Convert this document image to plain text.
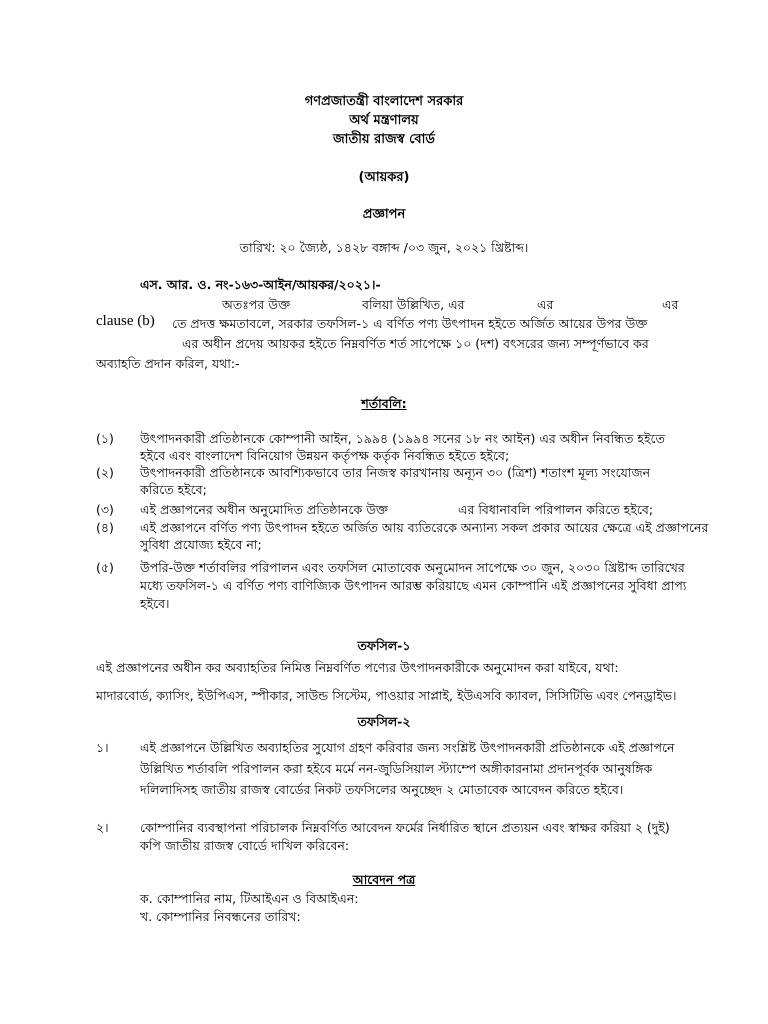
গণপ্রজাতন্ত্রী বাংলাদেশ সরকার
অর্থ মন্ত্রণালয়
জাতীয় রাজস্ব বোর্ড
(আয়কর)
প্রজ্ঞাপন
তারিখ: ২০ জ্যৈষ্ঠ, ১৪২৮ বঙ্গাব্দ /০৩ জুন, ২০২১ খ্রিষ্টাব্দ।
এস. আর. ও. নং-১৬৩-আইন/আয়কর/২০২১।-
অতঃপর উক্ত	বলিয়া উল্লিখিত, এর	এর	এর
clause (b) তে প্রদত্ত ক্ষমতাবলে, সরকার তফসিল-১ এ বর্ণিত পণ্য উৎপাদন হইতে অর্জিত আয়ের উপর উক্ত
এর অধীন প্রদেয় আয়কর হইতে নিম্নবর্ণিত শর্ত সাপেক্ষে ১০ (দশ) বৎসরের জন্য সম্পূর্ণভাবে কর
অব্যাহতি প্রদান করিল, যথা:-
শর্তাবলি:
(১) উৎপাদনকারী প্রতিষ্ঠানকে কোম্পানী আইন, ১৯৯৪ (১৯৯৪ সনের ১৮ নং আইন) এর অধীন নিবন্ধিত হইতে
হইবে এবং বাংলাদেশ বিনিয়োগ উন্নয়ন কর্তৃপক্ষ কর্তৃক নিবন্ধিত হইতে হইবে;
(২) উৎপাদনকারী প্রতিষ্ঠানকে আবশ্যিকভাবে তার নিজস্ব কারখানায় অন্যূন ৩০ (ত্রিশ) শতাংশ মূল্য সংযোজন
করিতে হইবে;
(৩) এই প্রজ্ঞাপনের অধীন অনুমোদিত প্রতিষ্ঠানকে উক্ত	এর বিধানাবলি পরিপালন করিতে হইবে;
(৪) এই প্রজ্ঞাপনে বর্ণিত পণ্য উৎপাদন হইতে অর্জিত আয় ব্যতিরেকে অন্যান্য সকল প্রকার আয়ের ক্ষেত্রে এই প্রজ্ঞাপনের
সুবিধা প্রযোজ্য হইবে না;
(৫) উপরি-উক্ত শর্তাবলির পরিপালন এবং তফসিল মোতাবেক অনুমোদন সাপেক্ষে ৩০ জুন, ২০৩০ খ্রিষ্টাব্দ তারিখের
মধ্যে তফসিল-১ এ বর্ণিত পণ্য বাণিজ্যিক উৎপাদন আরম্ভ করিয়াছে এমন কোম্পানি এই প্রজ্ঞাপনের সুবিধা প্রাপ্য
হইবে।
তফসিল-১
এই প্রজ্ঞাপনের অধীন কর অব্যাহতির নিমিত্ত নিম্নবর্ণিত পণ্যের উৎপাদনকারীকে অনুমোদন করা যাইবে, যথা:
মাদারবোর্ড, ক্যাসিং, ইউপিএস, স্পীকার, সাউন্ড সিস্টেম, পাওয়ার সাপ্লাই, ইউএসবি ক্যাবল, সিসিটিভি এবং পেনড্রাইভ।
তফসিল-২
১।	এই প্রজ্ঞাপনে উল্লিখিত অব্যাহতির সুযোগ গ্রহণ করিবার জন্য সংশ্লিষ্ট উৎপাদনকারী প্রতিষ্ঠানকে এই প্রজ্ঞাপনে
উল্লিখিত শর্তাবলি পরিপালন করা হইবে মর্মে নন-জুডিসিয়াল স্ট্যাম্পে অঙ্গীকারনামা প্রদানপূর্বক আনুষঙ্গিক
দলিলাদিসহ জাতীয় রাজস্ব বোর্ডের নিকট তফসিলের অনুচ্ছেদ ২ মোতাবেক আবেদন করিতে হইবে।
২।	কোম্পানির ব্যবস্থাপনা পরিচালক নিম্নবর্ণিত আবেদন ফর্মের নির্ধারিত স্থানে প্রত্যয়ন এবং স্বাক্ষর করিয়া ২ (দুই)
কপি জাতীয় রাজস্ব বোর্ডে দাখিল করিবেন:
আবেদন পত্র
ক. কোম্পানির নাম, টিআইএন ও বিআইএন:
খ. কোম্পানির নিবন্ধনের তারিখ:
